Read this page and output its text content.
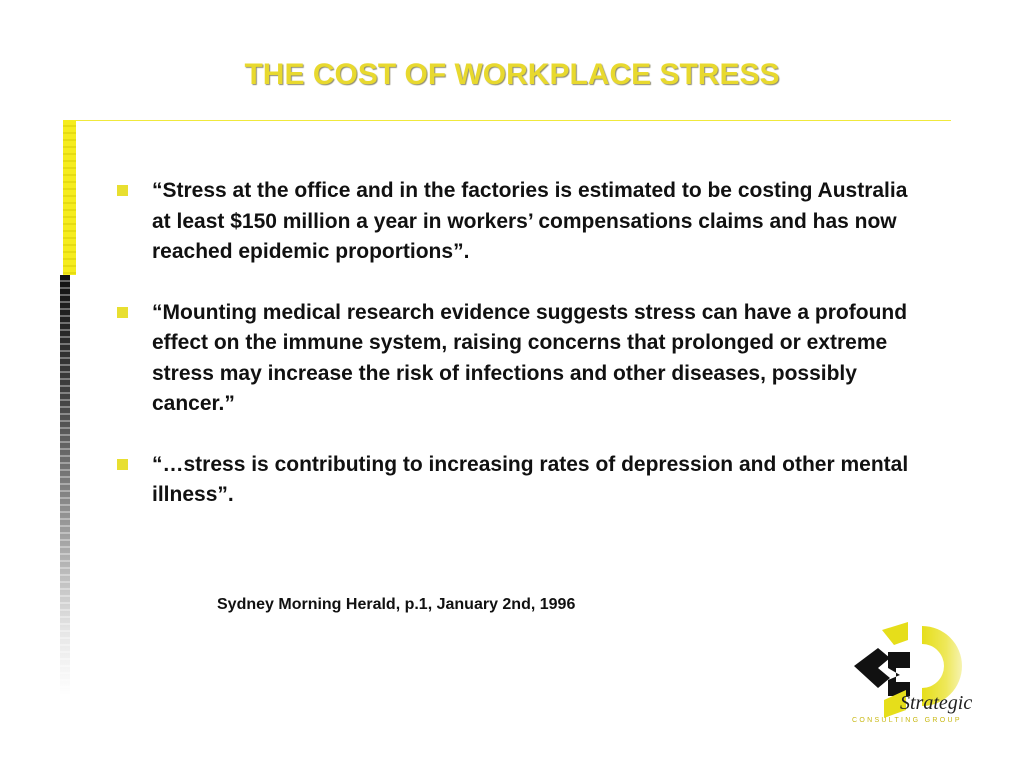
THE COST OF WORKPLACE STRESS
“Stress at the office and in the factories is estimated to be costing Australia at least $150 million a year in workers’ compensations claims and has now reached epidemic proportions”.
“Mounting medical research evidence suggests stress can have a profound effect on the immune system, raising concerns that prolonged or extreme stress may increase the risk of infections and other diseases, possibly cancer.”
“…stress is contributing to increasing rates of depression and other mental illness”.

Sydney Morning Herald, p.1, January 2nd, 1996

Strategic
CONSULTING GROUP
